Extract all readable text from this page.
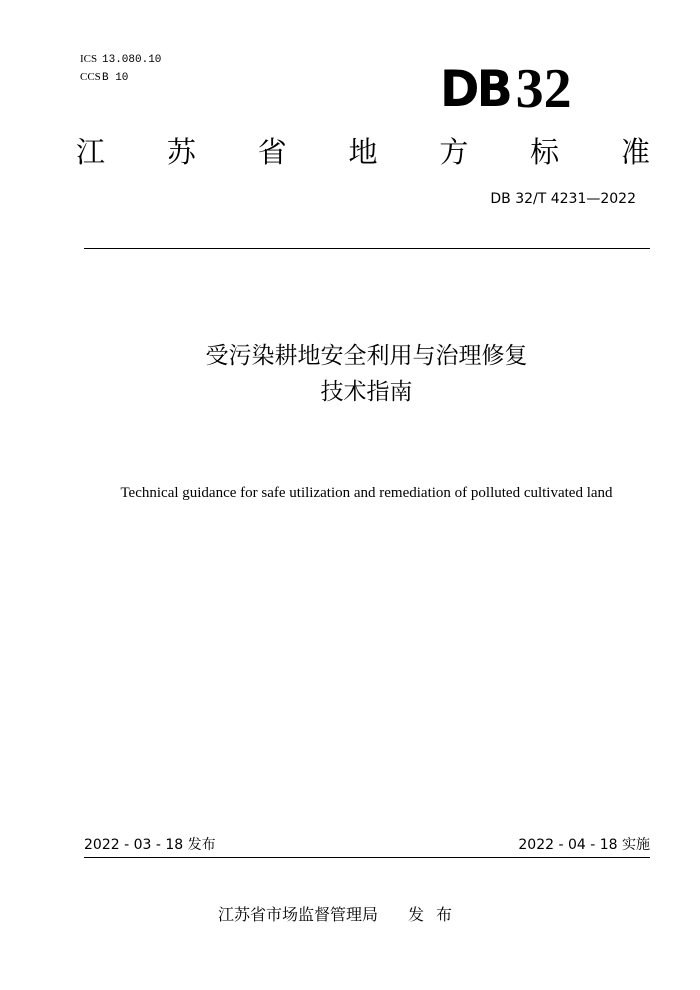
ICS 13.080.10
CCSB 10	DB 32
江 苏 省 地 方 标 准
DB 32/T 4231—2022
受污染耕地安全利用与治理修复
技术指南
Technical guidance for safe utilization and remediation of polluted cultivated land
2022 - 03 - 18 发布	2022 - 04 - 18 实施
江苏省市场监督管理局 发布
